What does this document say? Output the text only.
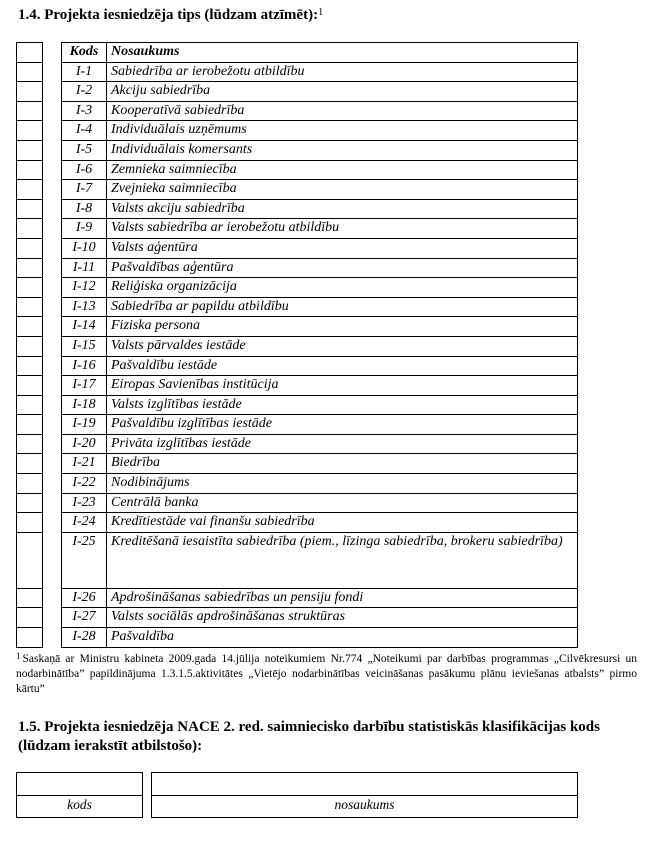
1.4. Projekta iesniedzēja tips (lūdzam atzīmēt):$^1$
		Kods	Nosaukums
		I-1	Sabiedrība ar ierobežotu atbildību
		I-2	Akciju sabiedrība
		I-3	Kooperatīvā sabiedrība
		I-4	Individuālais uzņēmums
		I-5	Individuālais komersants
		I-6	Zemnieka saimniecība
		I-7	Zvejnieka saimniecība
		I-8	Valsts akciju sabiedrība
		I-9	Valsts sabiedrība ar ierobežotu atbildību
		I-10	Valsts aģentūra
		I-11	Pašvaldības aģentūra
		I-12	Reliģiska organizācija
		I-13	Sabiedrība ar papildu atbildību
		I-14	Fiziska persona
		I-15	Valsts pārvaldes iestāde
		I-16	Pašvaldību iestāde
		I-17	Eiropas Savienības institūcija
		I-18	Valsts izglītības iestāde
		I-19	Pašvaldību izglītības iestāde
		I-20	Privāta izglītības iestāde
		I-21	Biedrība
		I-22	Nodibinājums
		I-23	Centrālā banka
		I-24	Kredītiestāde vai finanšu sabiedrība
		I-25	Kreditēšanā iesaistīta sabiedrība (piem., līzinga sabiedrība, brokeru sabiedrība)
		I-26	Apdrošināšanas sabiedrības un pensiju fondi
		I-27	Valsts sociālās apdrošināšanas struktūras
		I-28	Pašvaldība
$^1$ Saskaņā ar Ministru kabineta 2009.gada 14.jūlija noteikumiem Nr.774 „Noteikumi par darbības programmas „Cilvēkresursi un nodarbinātība” papildinājuma 1.3.1.5.aktivitātes „Vietējo nodarbinātības veicināšanas pasākumu plānu ieviešanas atbalsts” pirmo kārtu”
1.5. Projekta iesniedzēja NACE 2. red. saimniecisko darbību statistiskās klasifikācijas kods (lūdzam ierakstīt atbilstošo):
kods	nosaukums
